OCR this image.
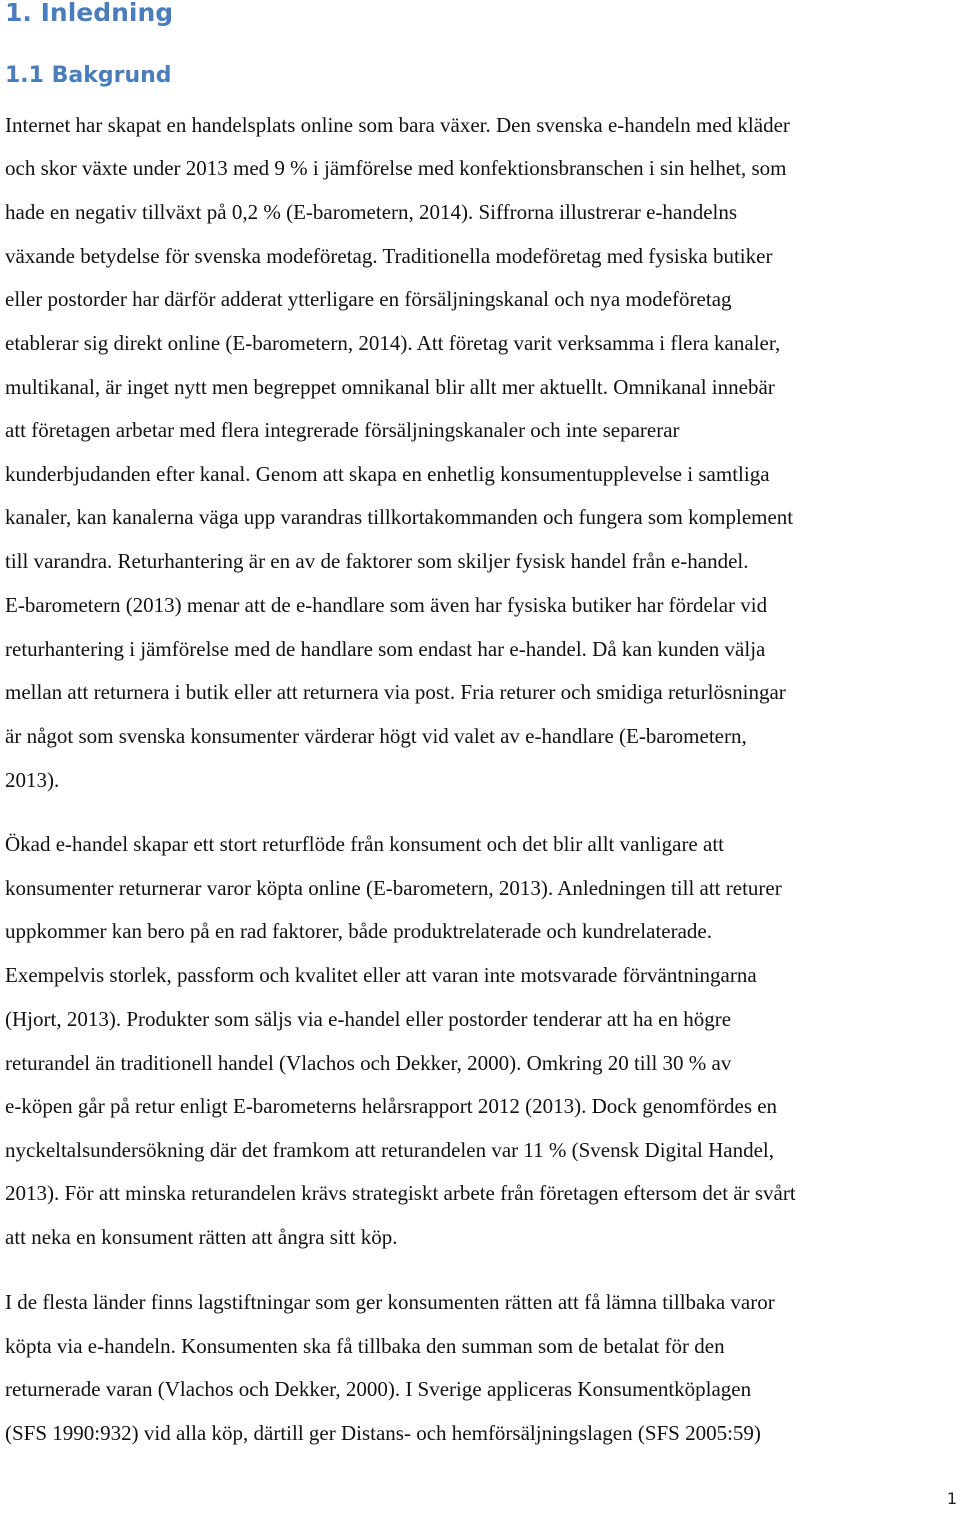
1. Inledning
1.1 Bakgrund

Internet har skapat en handelsplats online som bara växer. Den svenska e-handeln med kläder

och skor växte under 2013 med 9 % i jämförelse med konfektionsbranschen i sin helhet, som

hade en negativ tillväxt på 0,2 % (E-barometern, 2014). Siffrorna illustrerar e-handelns

växande betydelse för svenska modeföretag. Traditionella modeföretag med fysiska butiker

eller postorder har därför adderat ytterligare en försäljningskanal och nya modeföretag

etablerar sig direkt online (E-barometern, 2014). Att företag varit verksamma i flera kanaler,

multikanal, är inget nytt men begreppet omnikanal blir allt mer aktuellt. Omnikanal innebär

att företagen arbetar med flera integrerade försäljningskanaler och inte separerar

kunderbjudanden efter kanal. Genom att skapa en enhetlig konsumentupplevelse i samtliga

kanaler, kan kanalerna väga upp varandras tillkortakommanden och fungera som komplement

till varandra. Returhantering är en av de faktorer som skiljer fysisk handel från e-handel.

E-barometern (2013) menar att de e-handlare som även har fysiska butiker har fördelar vid

returhantering i jämförelse med de handlare som endast har e-handel. Då kan kunden välja

mellan att returnera i butik eller att returnera via post. Fria returer och smidiga returlösningar

är något som svenska konsumenter värderar högt vid valet av e-handlare (E-barometern,

2013).

Ökad e-handel skapar ett stort returflöde från konsument och det blir allt vanligare att

konsumenter returnerar varor köpta online (E-barometern, 2013). Anledningen till att returer

uppkommer kan bero på en rad faktorer, både produktrelaterade och kundrelaterade.

Exempelvis storlek, passform och kvalitet eller att varan inte motsvarade förväntningarna

(Hjort, 2013). Produkter som säljs via e-handel eller postorder tenderar att ha en högre

returandel än traditionell handel (Vlachos och Dekker, 2000). Omkring 20 till 30 % av

e-köpen går på retur enligt E-barometerns helårsrapport 2012 (2013). Dock genomfördes en

nyckeltalsundersökning där det framkom att returandelen var 11 % (Svensk Digital Handel,

2013). För att minska returandelen krävs strategiskt arbete från företagen eftersom det är svårt

att neka en konsument rätten att ångra sitt köp.

I de flesta länder finns lagstiftningar som ger konsumenten rätten att få lämna tillbaka varor

köpta via e-handeln. Konsumenten ska få tillbaka den summan som de betalat för den

returnerade varan (Vlachos och Dekker, 2000). I Sverige appliceras Konsumentköplagen

(SFS 1990:932) vid alla köp, därtill ger Distans- och hemförsäljningslagen (SFS 2005:59)

1
